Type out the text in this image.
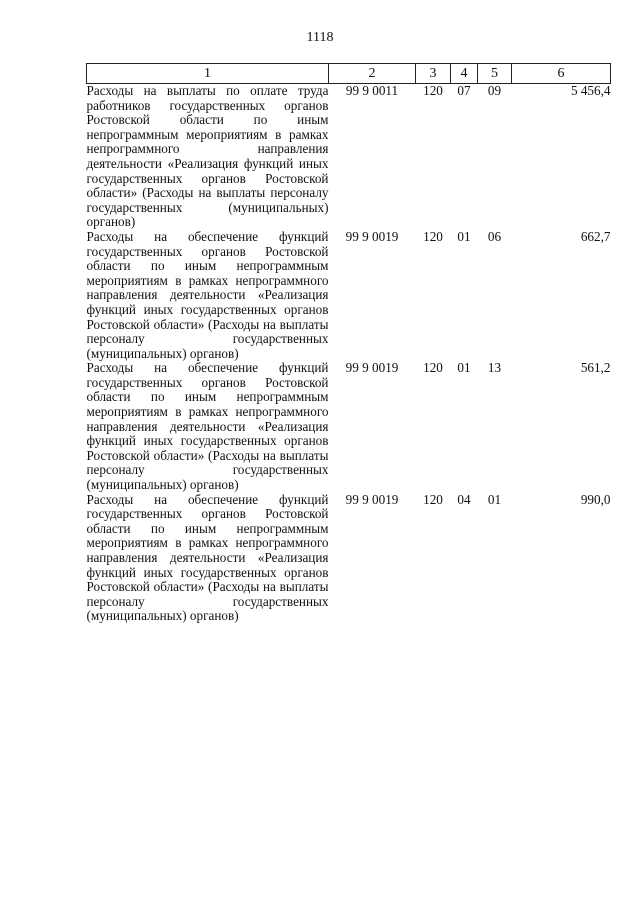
1118
1	2	3	4	5	6
Расходы на выплаты по оплате труда работников государственных органов Ростовской области по иным непрограммным мероприятиям в рамках непрограммного направления деятельности «Реализация функций иных государственных органов Ростовской области» (Расходы на выплаты персоналу государственных (муниципальных) органов)	99 9 0011	120	07	09	5 456,4
Расходы на обеспечение функций государственных органов Ростовской области по иным непрограммным мероприятиям в рамках непрограммного направления деятельности «Реализация функций иных государственных органов Ростовской области» (Расходы на выплаты персоналу государственных (муниципальных) органов)	99 9 0019	120	01	06	662,7
Расходы на обеспечение функций государственных органов Ростовской области по иным непрограммным мероприятиям в рамках непрограммного направления деятельности «Реализация функций иных государственных органов Ростовской области» (Расходы на выплаты персоналу государственных (муниципальных) органов)	99 9 0019	120	01	13	561,2
Расходы на обеспечение функций государственных органов Ростовской области по иным непрограммным мероприятиям в рамках непрограммного направления деятельности «Реализация функций иных государственных органов Ростовской области» (Расходы на выплаты персоналу государственных (муниципальных) органов)	99 9 0019	120	04	01	990,0
